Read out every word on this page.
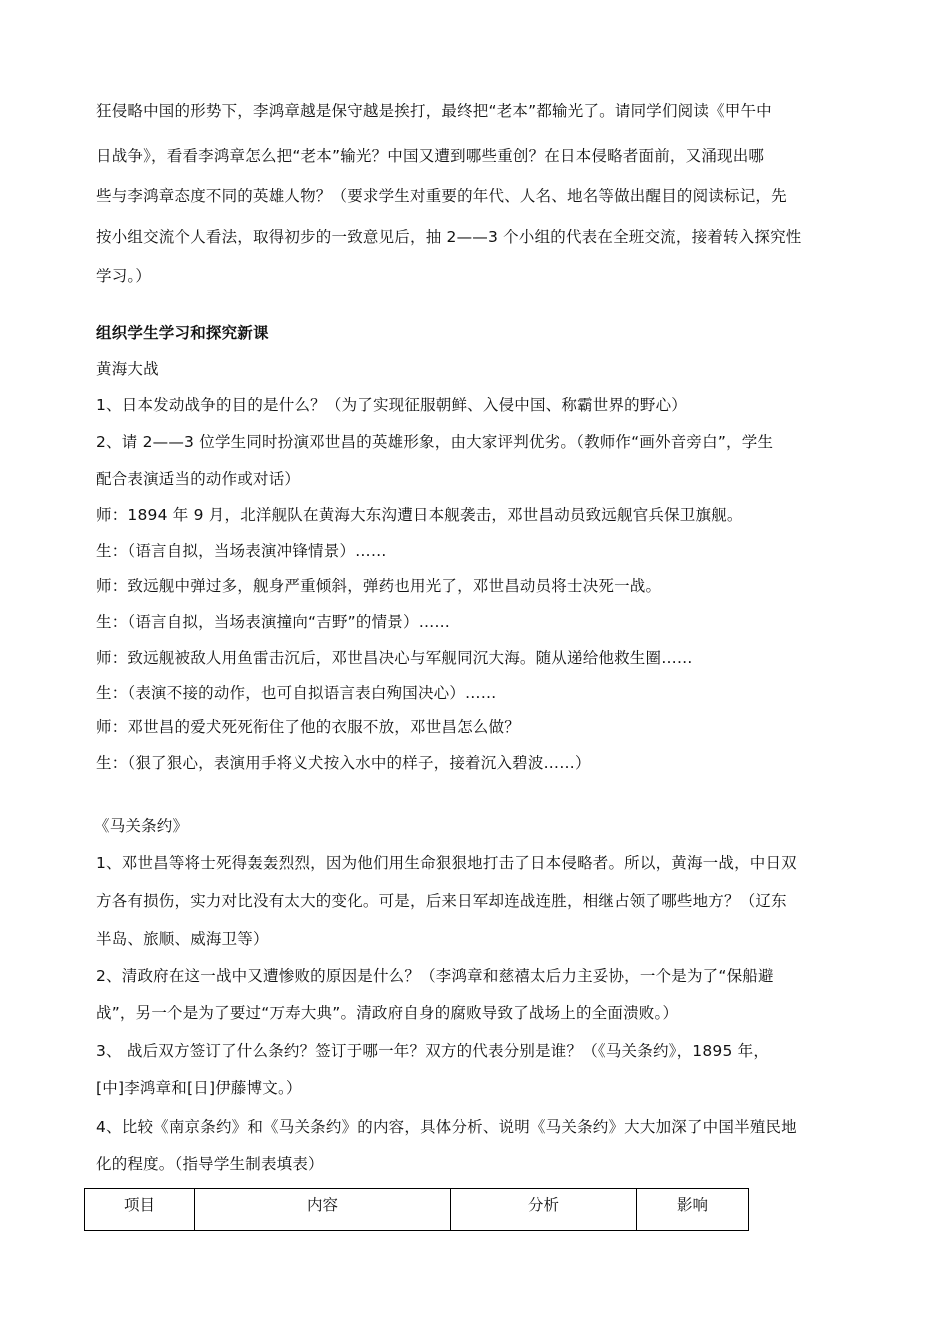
狂侵略中国的形势下，李鸿章越是保守越是挨打，最终把“老本”都输光了。请同学们阅读《甲午中
日战争》，看看李鸿章怎么把“老本”输光？中国又遭到哪些重创？在日本侵略者面前，又涌现出哪
些与李鸿章态度不同的英雄人物？（要求学生对重要的年代、人名、地名等做出醒目的阅读标记，先
按小组交流个人看法，取得初步的一致意见后，抽 2——3 个小组的代表在全班交流，接着转入探究性
学习。）
组织学生学习和探究新课
黄海大战
1、日本发动战争的目的是什么？（为了实现征服朝鲜、入侵中国、称霸世界的野心）
2、请 2——3 位学生同时扮演邓世昌的英雄形象，由大家评判优劣。（教师作“画外音旁白”，学生
配合表演适当的动作或对话）
师：1894 年 9 月，北洋舰队在黄海大东沟遭日本舰袭击，邓世昌动员致远舰官兵保卫旗舰。
生：（语言自拟，当场表演冲锋情景）……
师：致远舰中弹过多，舰身严重倾斜，弹药也用光了，邓世昌动员将士决死一战。
生：（语言自拟，当场表演撞向“吉野”的情景）……
师：致远舰被敌人用鱼雷击沉后，邓世昌决心与军舰同沉大海。随从递给他救生圈……
生：（表演不接的动作，也可自拟语言表白殉国决心）……
师：邓世昌的爱犬死死衔住了他的衣服不放，邓世昌怎么做？
生：（狠了狠心，表演用手将义犬按入水中的样子，接着沉入碧波……）
《马关条约》
1、邓世昌等将士死得轰轰烈烈，因为他们用生命狠狠地打击了日本侵略者。所以，黄海一战，中日双
方各有损伤，实力对比没有太大的变化。可是，后来日军却连战连胜，相继占领了哪些地方？（辽东
半岛、旅顺、威海卫等）
2、清政府在这一战中又遭惨败的原因是什么？（李鸿章和慈禧太后力主妥协，一个是为了“保船避
战”，另一个是为了要过“万寿大典”。清政府自身的腐败导致了战场上的全面溃败。）
3、 战后双方签订了什么条约？签订于哪一年？双方的代表分别是谁？（《马关条约》，1895 年，
[中]李鸿章和[日]伊藤博文。）
4、比较《南京条约》和《马关条约》的内容，具体分析、说明《马关条约》大大加深了中国半殖民地
化的程度。（指导学生制表填表）
项目	内容	分析	影响
